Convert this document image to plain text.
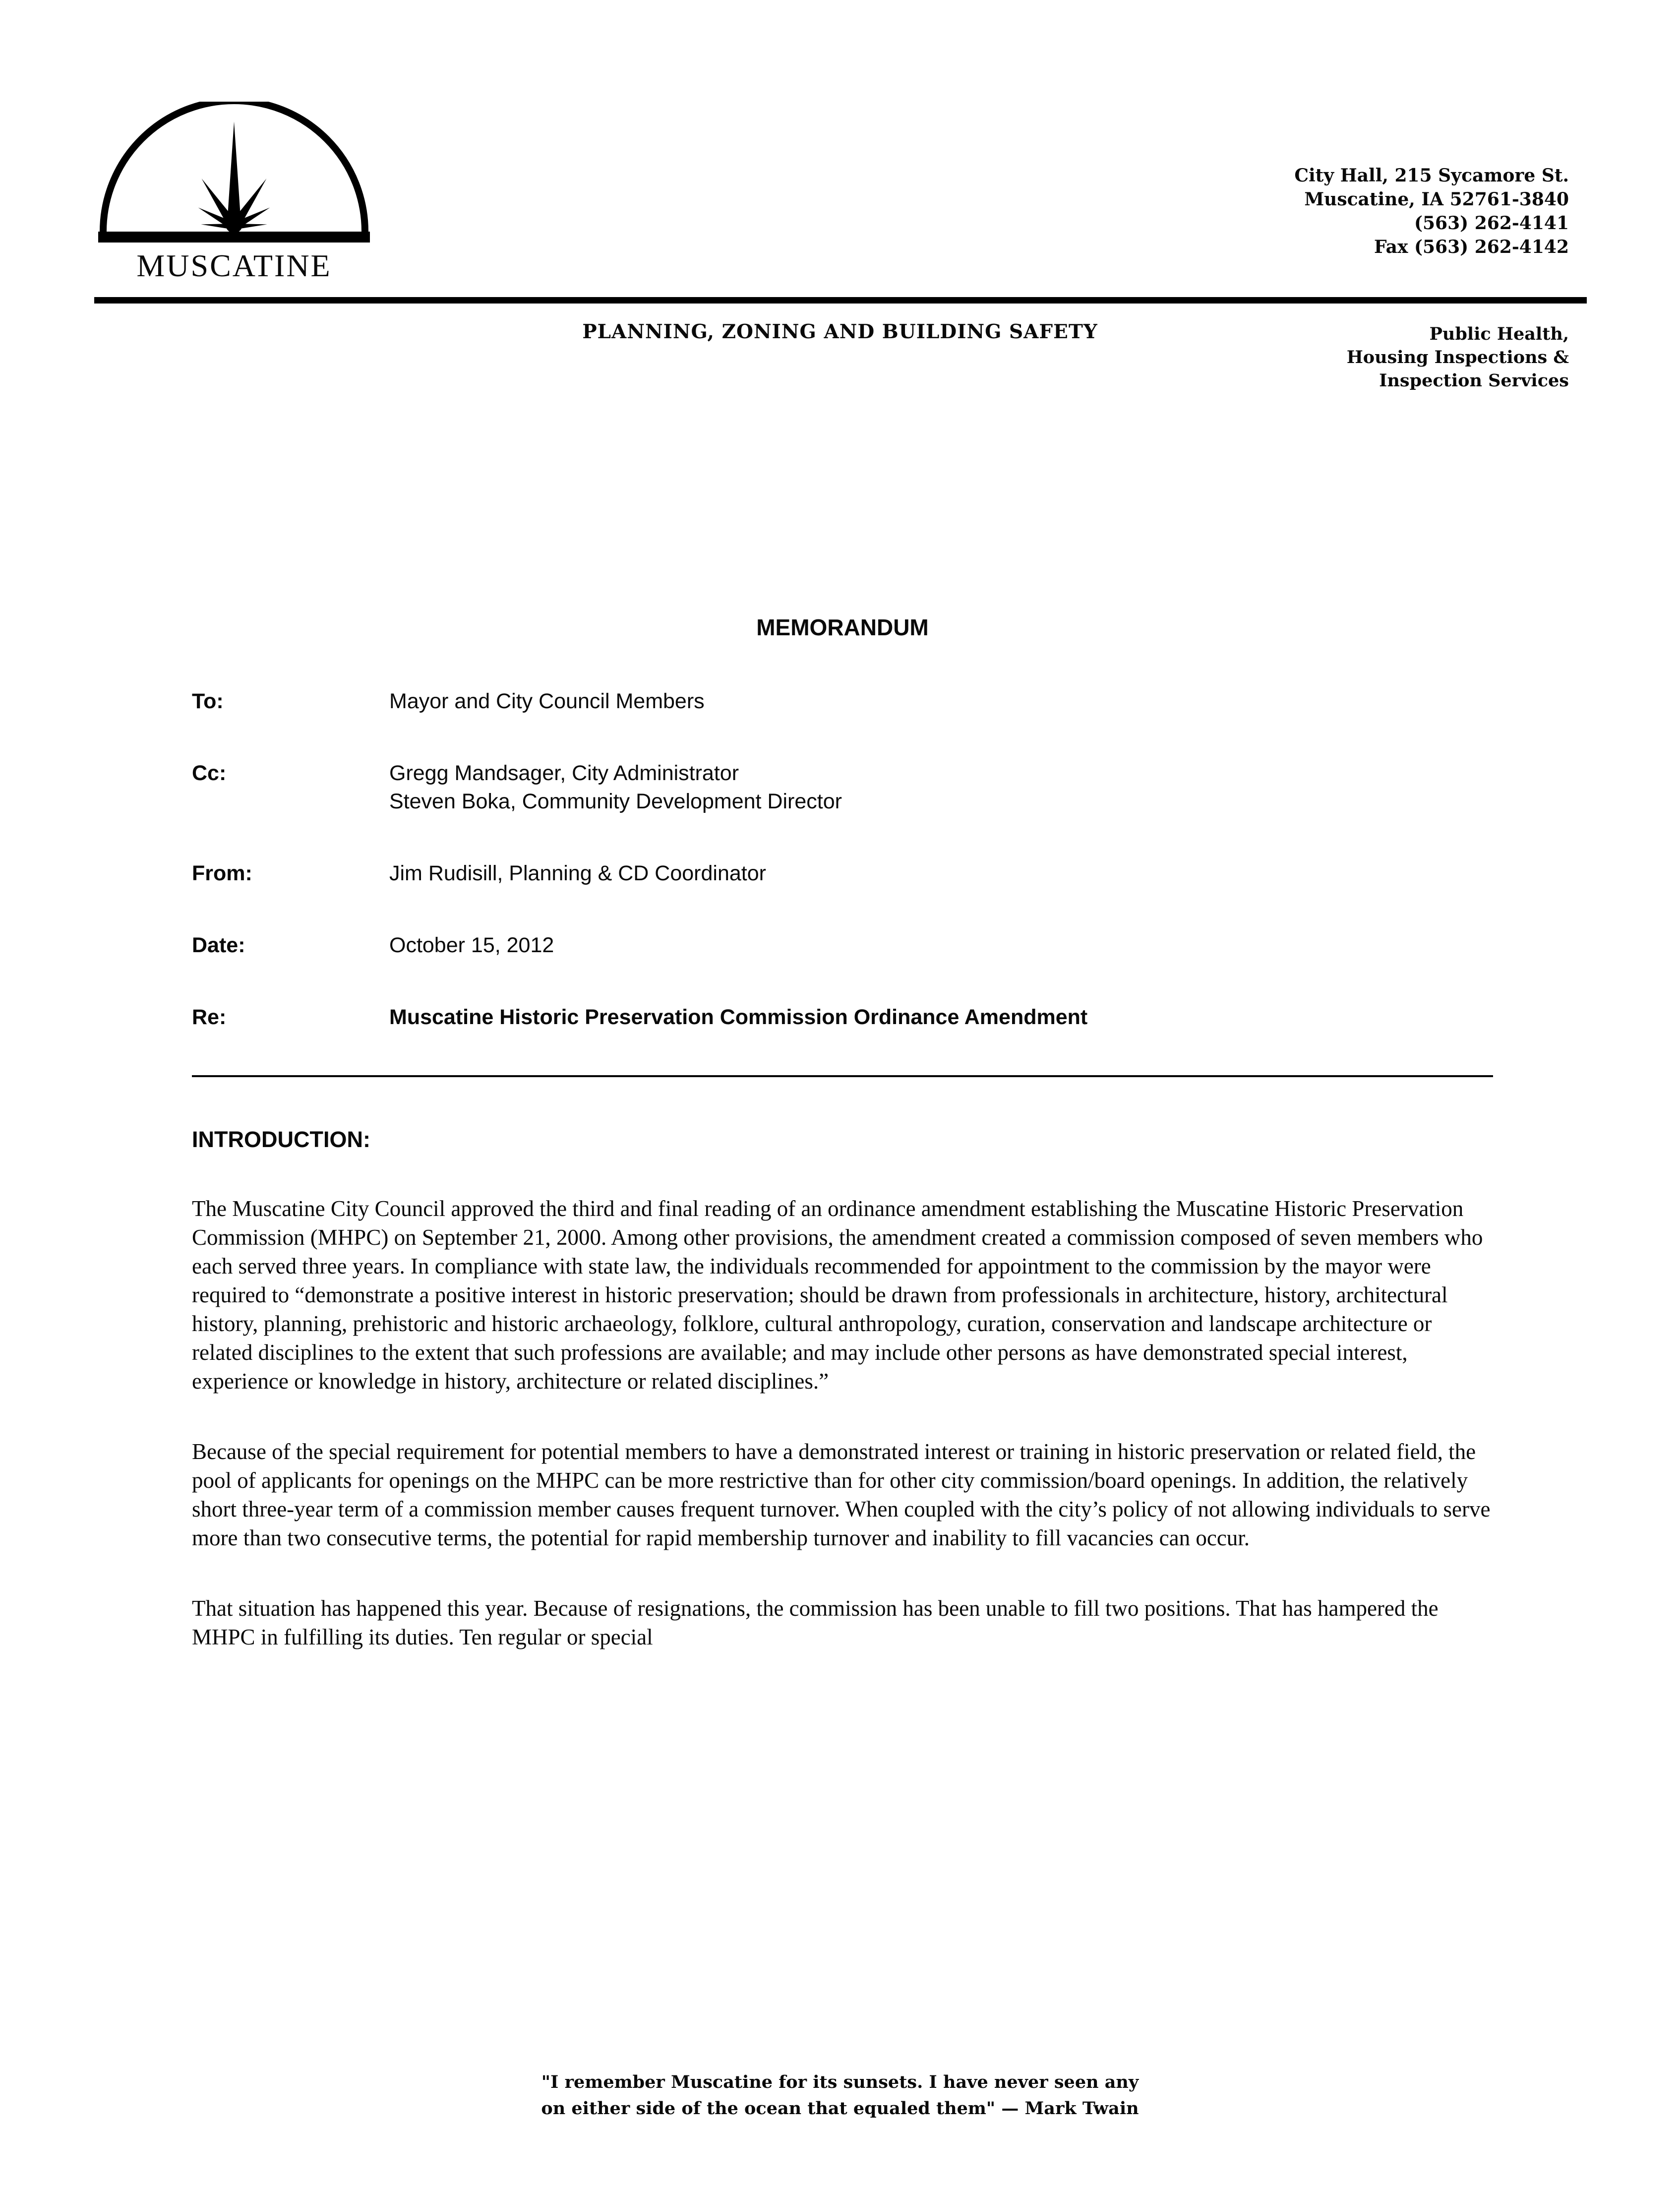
MUSCATINE
City Hall, 215 Sycamore St.
Muscatine, IA 52761-3840
(563) 262-4141
Fax (563) 262-4142
PLANNING, ZONING AND BUILDING SAFETY	Public Health,
Housing Inspections &
Inspection Services
MEMORANDUM
To:	Mayor and City Council Members
Cc:	Gregg Mandsager, City Administrator
Steven Boka, Community Development Director
From:	Jim Rudisill, Planning & CD Coordinator
Date:	October 15, 2012
Re:	Muscatine Historic Preservation Commission Ordinance Amendment
INTRODUCTION:

The Muscatine City Council approved the third and final reading of an ordinance amendment establishing the Muscatine Historic Preservation Commission (MHPC) on September 21, 2000. Among other provisions, the amendment created a commission composed of seven members who each served three years. In compliance with state law, the individuals recommended for appointment to the commission by the mayor were required to “demonstrate a positive interest in historic preservation; should be drawn from professionals in architecture, history, architectural history, planning, prehistoric and historic archaeology, folklore, cultural anthropology, curation, conservation and landscape architecture or related disciplines to the extent that such professions are available; and may include other persons as have demonstrated special interest, experience or knowledge in history, architecture or related disciplines.”

Because of the special requirement for potential members to have a demonstrated interest or training in historic preservation or related field, the pool of applicants for openings on the MHPC can be more restrictive than for other city commission/board openings. In addition, the relatively short three-year term of a commission member causes frequent turnover. When coupled with the city’s policy of not allowing individuals to serve more than two consecutive terms, the potential for rapid membership turnover and inability to fill vacancies can occur.

That situation has happened this year. Because of resignations, the commission has been unable to fill two positions. That has hampered the MHPC in fulfilling its duties. Ten regular or special

"I remember Muscatine for its sunsets. I have never seen any
on either side of the ocean that equaled them" — Mark Twain
